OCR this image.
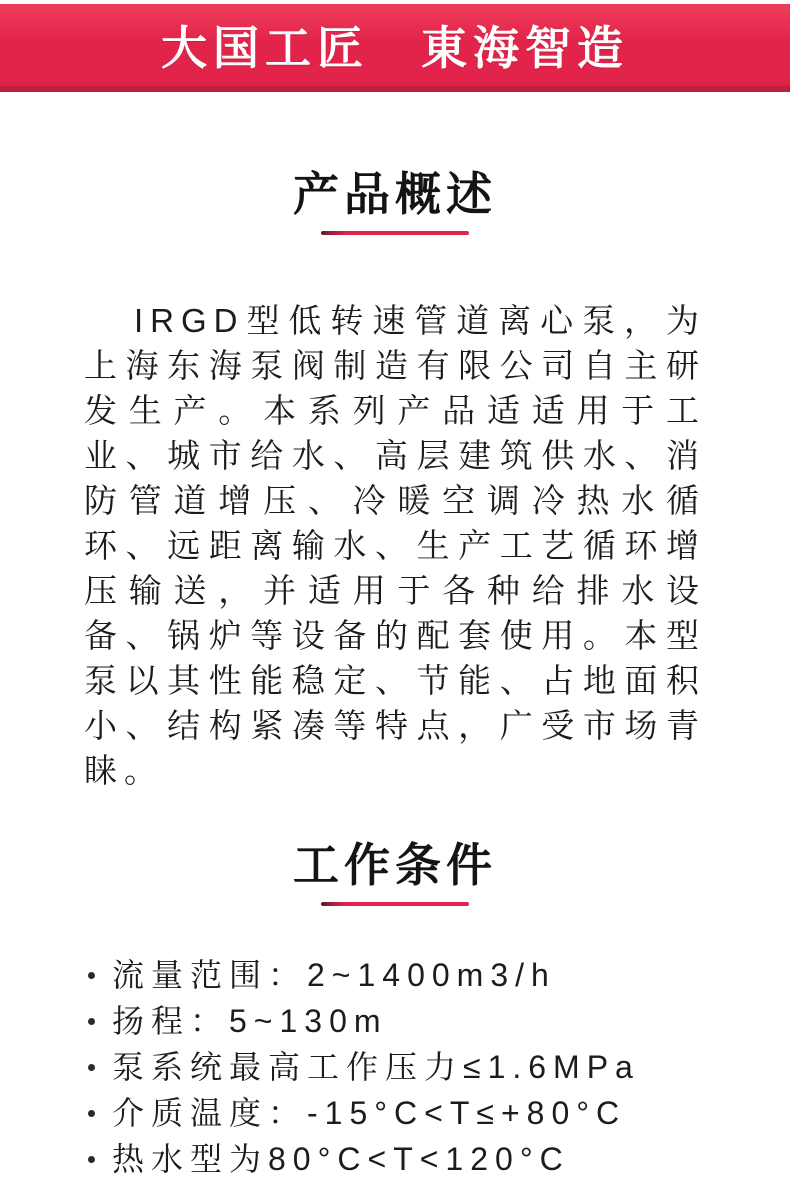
大国工匠　東海智造
产品概述

IRGD型低转速管道离心泵，为上海东海泵阀制造有限公司自主研发生产。本系列产品适适用于工业、城市给水、高层建筑供水、消防管道增压、冷暖空调冷热水循环、远距离输水、生产工艺循环增压输送，并适用于各种给排水设备、锅炉等设备的配套使用。本型泵以其性能稳定、节能、占地面积小、结构紧凑等特点，广受市场青睐。

工作条件
流量范围：2~1400m3/h
扬程：5~130m
泵系统最高工作压力≤1.6MPa
介质温度：-15°C<T≤+80°C
热水型为80°C<T<120°C
